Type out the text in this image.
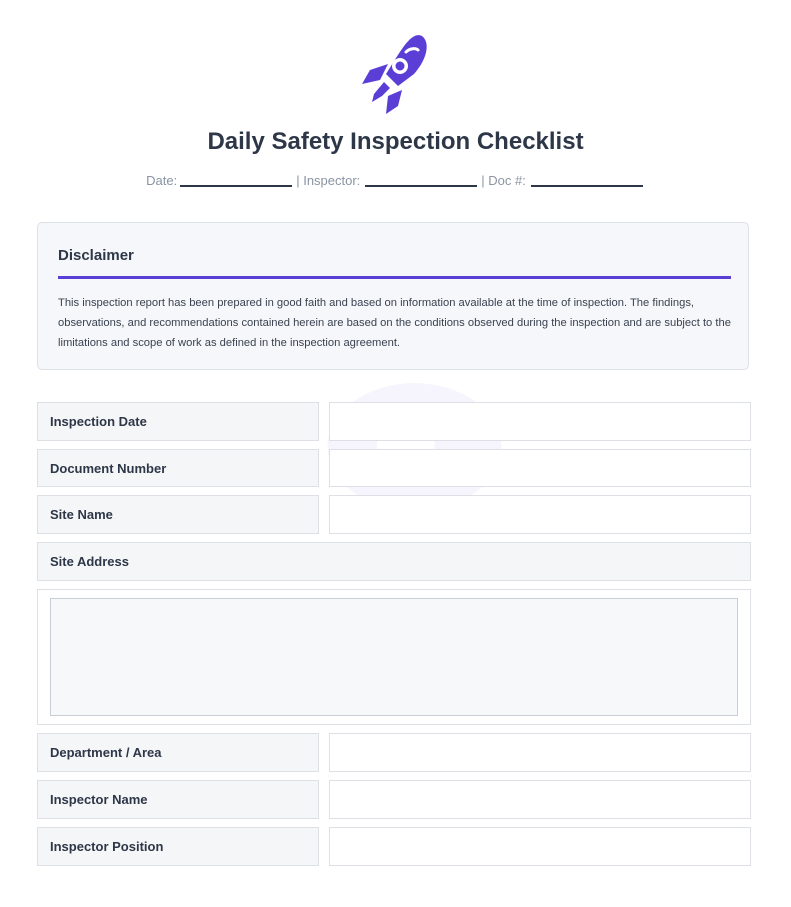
Daily Safety Inspection Checklist
Date:	| Inspector:	| Doc #:
Disclaimer
This inspection report has been prepared in good faith and based on information available at the time of inspection. The findings, observations, and recommendations contained herein are based on the conditions observed during the inspection and are subject to the limitations and scope of work as defined in the inspection agreement.
Inspection Date
Document Number
Site Name
Site Address
Department / Area
Inspector Name
Inspector Position
